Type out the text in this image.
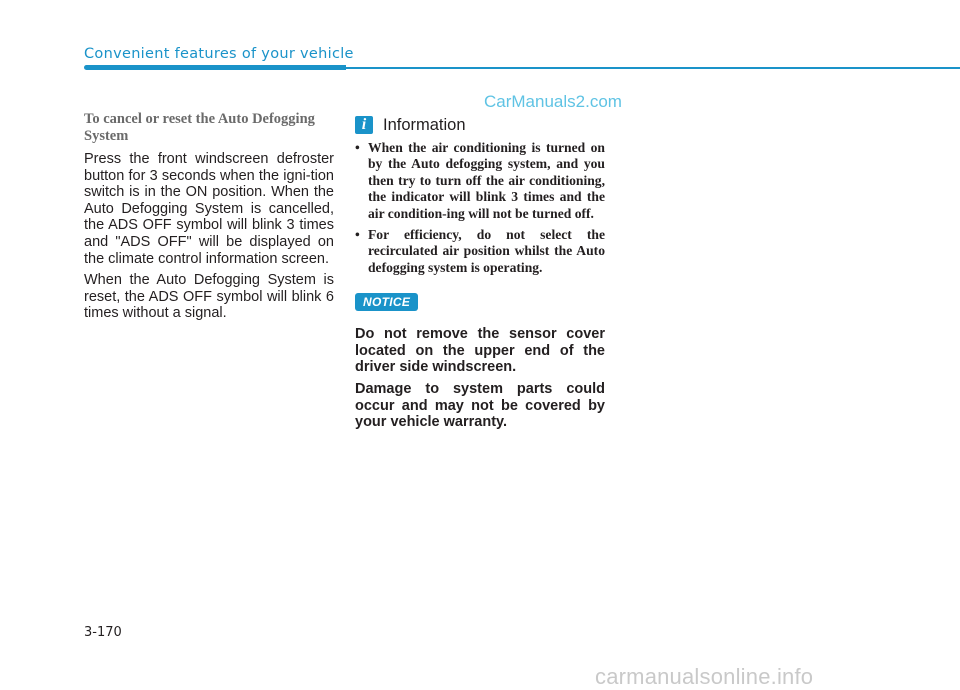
Convenient features of your vehicle
CarManuals2.com

To cancel or reset the Auto Defogging System

Press the front windscreen defroster button for 3 seconds when the igni-tion switch is in the ON position. When the Auto Defogging System is cancelled, the ADS OFF symbol will blink 3 times and "ADS OFF" will be displayed on the climate control information screen.

When the Auto Defogging System is reset, the ADS OFF symbol will blink 6 times without a signal.

i	Information
• When the air conditioning is turned on by the Auto defogging system, and you then try to turn off the air conditioning, the indicator will blink 3 times and the air condition-ing will not be turned off.
• For efficiency, do not select the recirculated air position whilst the Auto defogging system is operating.
NOTICE

Do not remove the sensor cover located on the upper end of the driver side windscreen.

Damage to system parts could occur and may not be covered by your vehicle warranty.

3-170
carmanualsonline.info
